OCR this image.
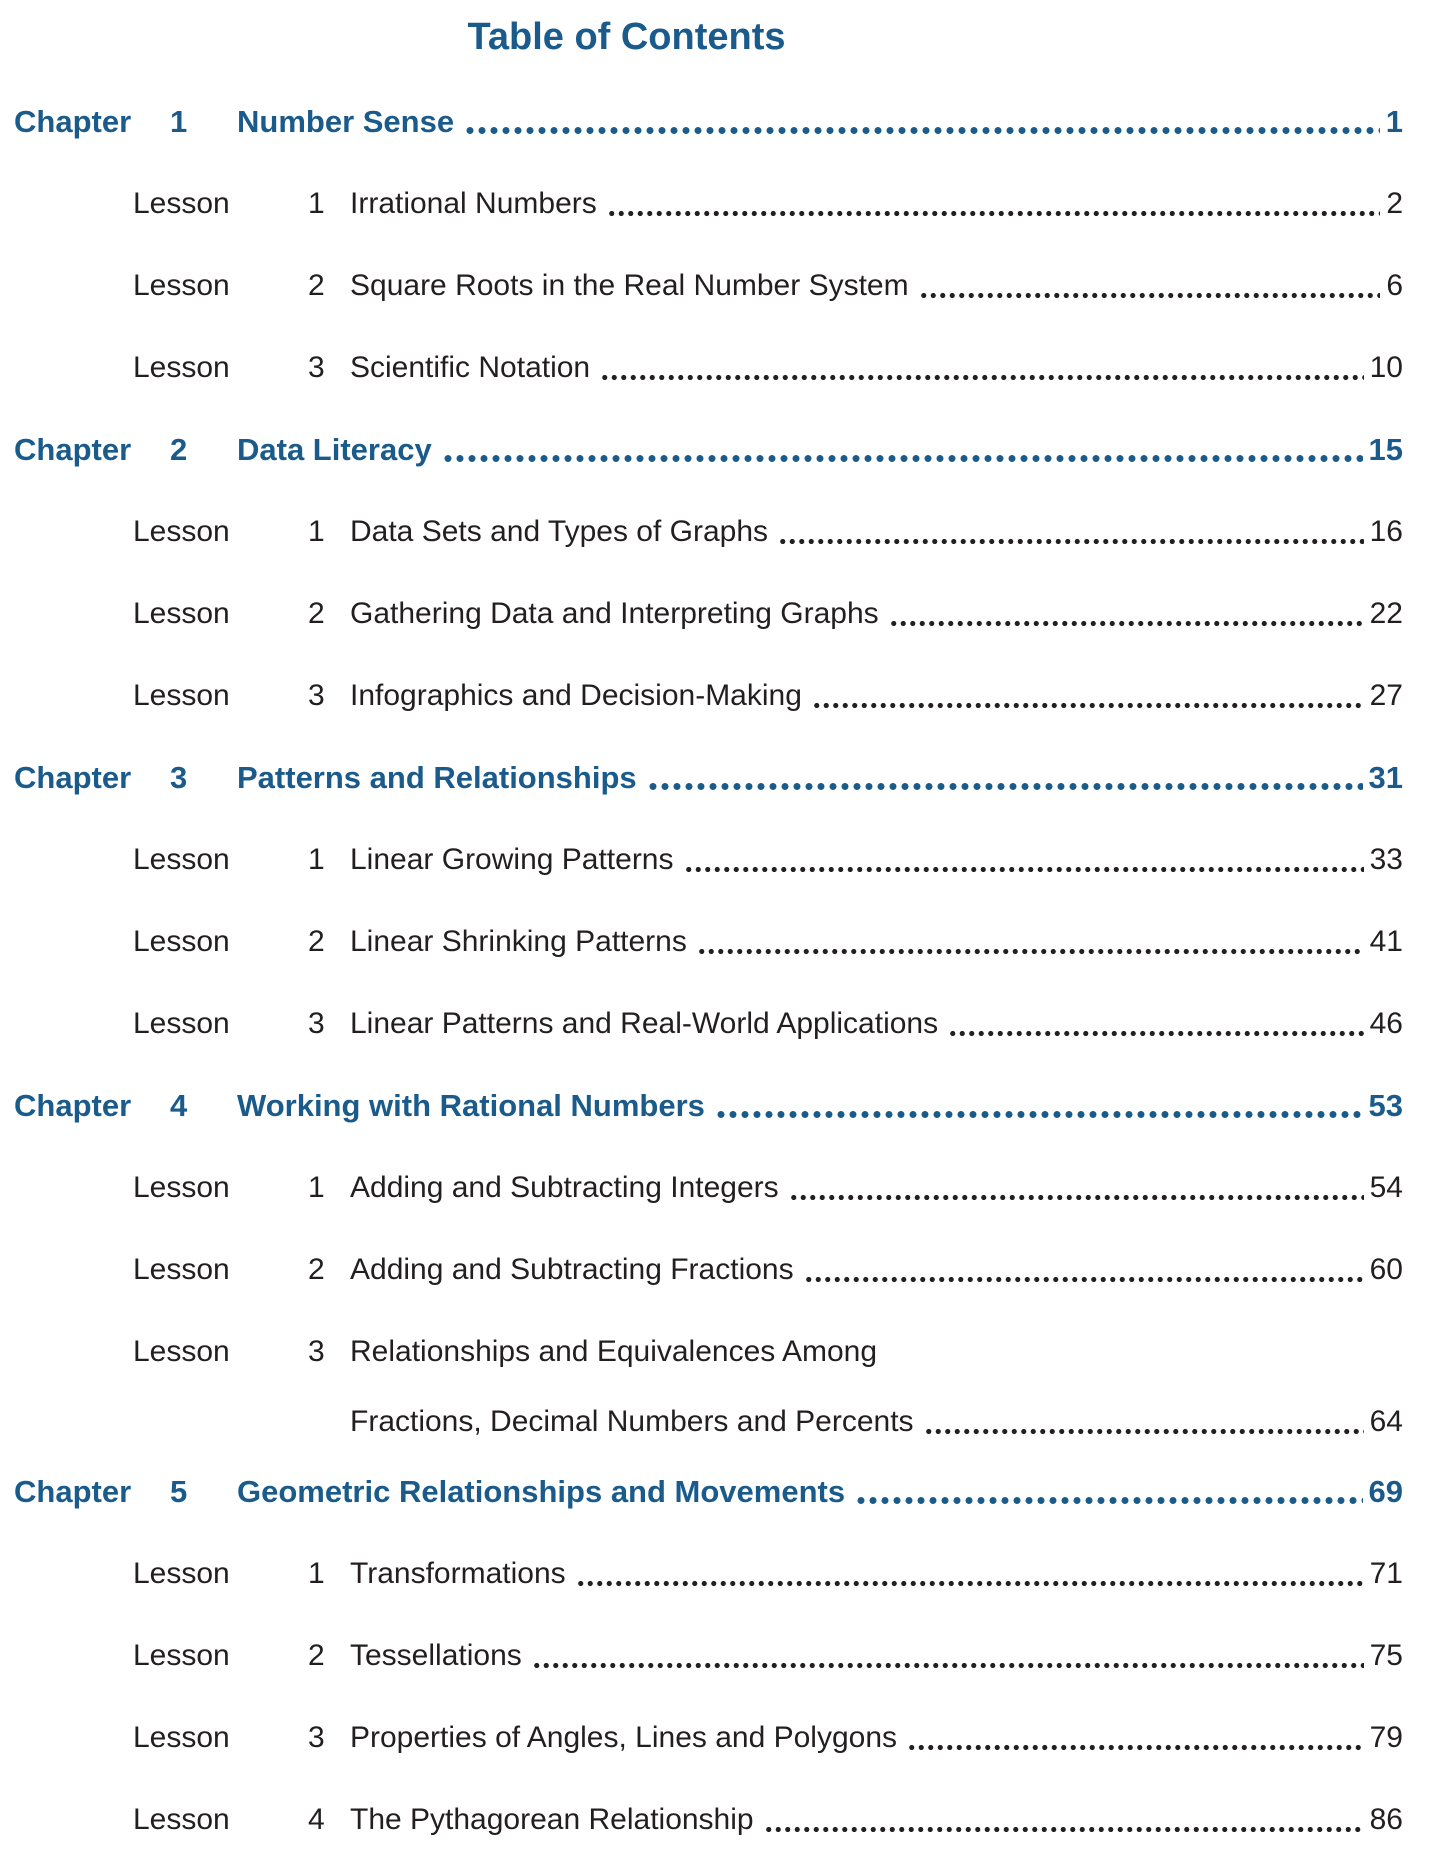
Table of Contents
Chapter	1	Number Sense	1
Lesson	1 Irrational Numbers	2
Lesson	2 Square Roots in the Real Number System	6
Lesson	3 Scientific Notation	10
Chapter	2	Data Literacy	15
Lesson	1 Data Sets and Types of Graphs	16
Lesson	2 Gathering Data and Interpreting Graphs	22
Lesson	3 Infographics and Decision-Making	27
Chapter	3	Patterns and Relationships	31
Lesson	1 Linear Growing Patterns	33
Lesson	2 Linear Shrinking Patterns	41
Lesson	3 Linear Patterns and Real-World Applications	46
Chapter	4	Working with Rational Numbers	53
Lesson	1 Adding and Subtracting Integers	54
Lesson	2 Adding and Subtracting Fractions	60
Lesson	3 Relationships and Equivalences Among
Fractions, Decimal Numbers and Percents	64
Chapter	5	Geometric Relationships and Movements	69
Lesson	1 Transformations	71
Lesson	2 Tessellations	75
Lesson	3 Properties of Angles, Lines and Polygons	79
Lesson	4 The Pythagorean Relationship	86
